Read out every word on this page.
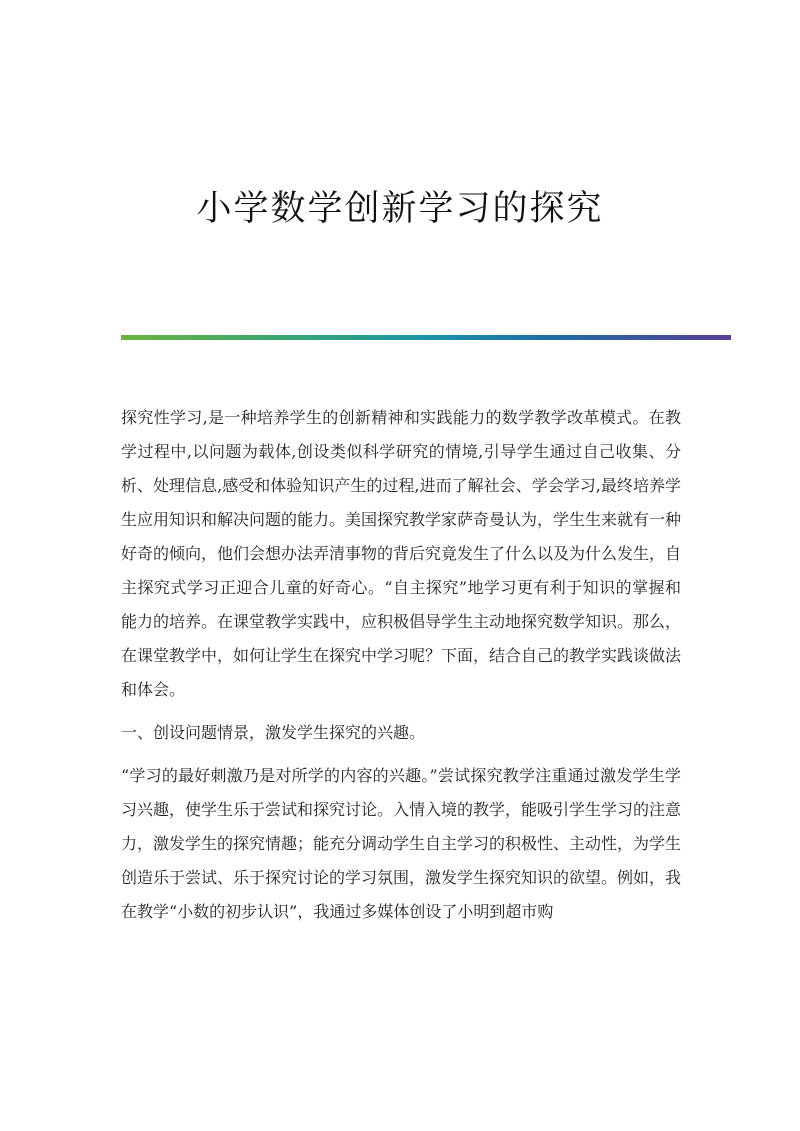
小学数学创新学习的探究

探究性学习,是一种培养学生的创新精神和实践能力的数学教学改革模式。在教学过程中,以问题为载体,创设类似科学研究的情境,引导学生通过自己收集、分析、处理信息,感受和体验知识产生的过程,进而了解社会、学会学习,最终培养学生应用知识和解决问题的能力。美国探究教学家萨奇曼认为，学生生来就有一种好奇的倾向，他们会想办法弄清事物的背后究竟发生了什么以及为什么发生，自主探究式学习正迎合儿童的好奇心。“自主探究”地学习更有利于知识的掌握和能力的培养。在课堂教学实践中，应积极倡导学生主动地探究数学知识。那么，在课堂教学中，如何让学生在探究中学习呢？下面，结合自己的教学实践谈做法和体会。

一、创设问题情景，激发学生探究的兴趣。

“学习的最好刺激乃是对所学的内容的兴趣。”尝试探究教学注重通过激发学生学习兴趣，使学生乐于尝试和探究讨论。入情入境的教学，能吸引学生学习的注意力，激发学生的探究情趣；能充分调动学生自主学习的积极性、主动性，为学生创造乐于尝试、乐于探究讨论的学习氛围，激发学生探究知识的欲望。例如，我在教学“小数的初步认识”，我通过多媒体创设了小明到超市购
